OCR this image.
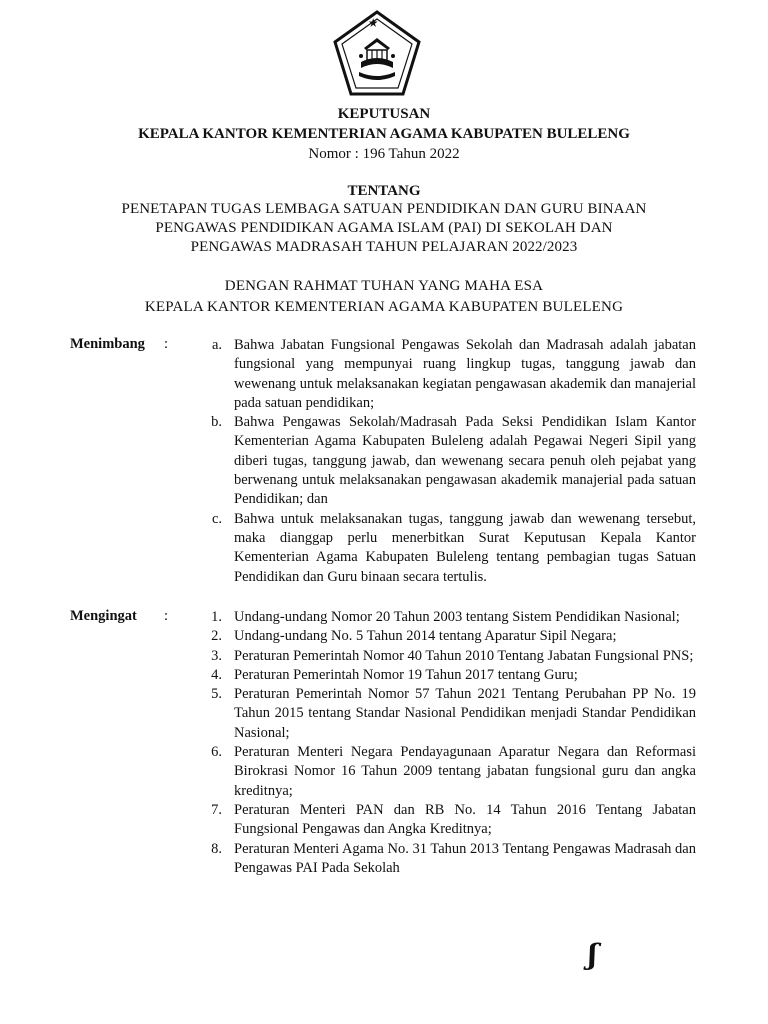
KEPUTUSAN
KEPALA KANTOR KEMENTERIAN AGAMA KABUPATEN BULELENG
Nomor : 196 Tahun 2022
TENTANG
PENETAPAN TUGAS LEMBAGA SATUAN PENDIDIKAN DAN GURU BINAAN
PENGAWAS PENDIDIKAN AGAMA ISLAM (PAI) DI SEKOLAH DAN
PENGAWAS MADRASAH TAHUN PELAJARAN 2022/2023
DENGAN RAHMAT TUHAN YANG MAHA ESA
KEPALA KANTOR KEMENTERIAN AGAMA KABUPATEN BULELENG
Menimbang :	a. Bahwa Jabatan Fungsional Pengawas Sekolah dan Madrasah adalah jabatan fungsional yang mempunyai ruang lingkup tugas, tanggung jawab dan wewenang untuk melaksanakan kegiatan pengawasan akademik dan manajerial pada satuan pendidikan;
b. Bahwa Pengawas Sekolah/Madrasah Pada Seksi Pendidikan Islam Kantor Kementerian Agama Kabupaten Buleleng adalah Pegawai Negeri Sipil yang diberi tugas, tanggung jawab, dan wewenang secara penuh oleh pejabat yang berwenang untuk melaksanakan pengawasan akademik manajerial pada satuan Pendidikan; dan
c. Bahwa untuk melaksanakan tugas, tanggung jawab dan wewenang tersebut, maka dianggap perlu menerbitkan Surat Keputusan Kepala Kantor Kementerian Agama Kabupaten Buleleng tentang pembagian tugas Satuan Pendidikan dan Guru binaan secara tertulis.
Mengingat :	1. Undang-undang Nomor 20 Tahun 2003 tentang Sistem Pendidikan Nasional;
2. Undang-undang No. 5 Tahun 2014 tentang Aparatur Sipil Negara;
3. Peraturan Pemerintah Nomor 40 Tahun 2010 Tentang Jabatan Fungsional PNS;
4. Peraturan Pemerintah Nomor 19 Tahun 2017 tentang Guru;
5. Peraturan Pemerintah Nomor 57 Tahun 2021 Tentang Perubahan PP No. 19 Tahun 2015 tentang Standar Nasional Pendidikan menjadi Standar Pendidikan Nasional;
6. Peraturan Menteri Negara Pendayagunaan Aparatur Negara dan Reformasi Birokrasi Nomor 16 Tahun 2009 tentang jabatan fungsional guru dan angka kreditnya;
7. Peraturan Menteri PAN dan RB No. 14 Tahun 2016 Tentang Jabatan Fungsional Pengawas dan Angka Kreditnya;
8. Peraturan Menteri Agama No. 31 Tahun 2013 Tentang Pengawas Madrasah dan Pengawas PAI Pada Sekolah
ʃ
